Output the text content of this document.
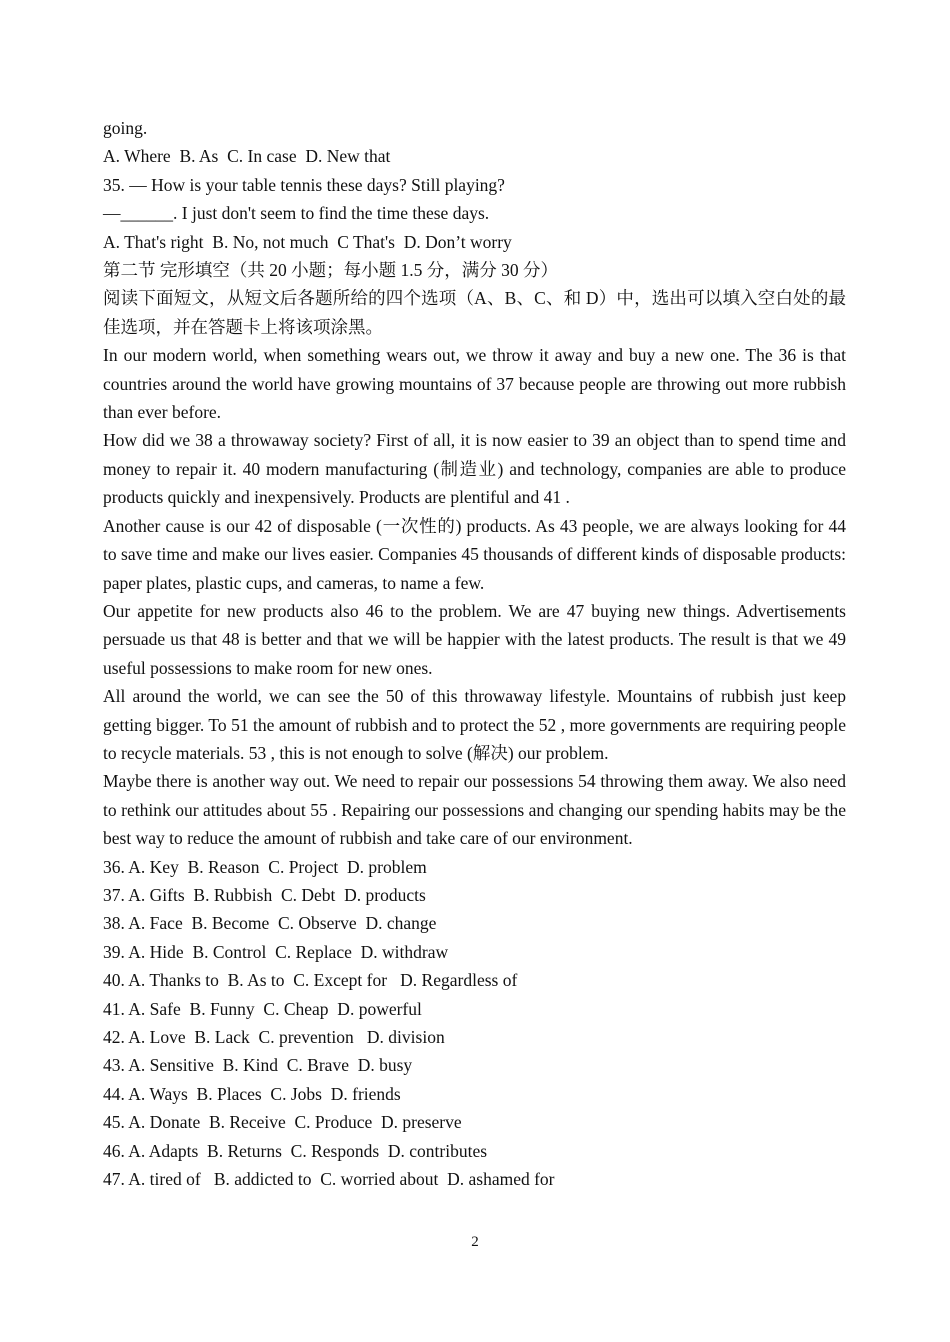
going.

A. Where  B. As  C. In case  D. New that

35. — How is your table tennis these days? Still playing?

—______. I just don't seem to find the time these days.

A. That's right  B. No, not much  C That's  D. Don’t worry

第二节 完形填空（共 20 小题；每小题 1.5 分，满分 30 分）

阅读下面短文，从短文后各题所给的四个选项（A、B、C、和 D）中，选出可以填入空白处的最佳选项，并在答题卡上将该项涂黑。

In our modern world, when something wears out, we throw it away and buy a new one. The 36 is that countries around the world have growing mountains of 37 because people are throwing out more rubbish than ever before.

How did we 38 a throwaway society? First of all, it is now easier to 39 an object than to spend time and money to repair it. 40 modern manufacturing (制造业) and technology, companies are able to produce products quickly and inexpensively. Products are plentiful and 41 .

Another cause is our 42 of disposable (一次性的) products. As 43 people, we are always looking for 44 to save time and make our lives easier. Companies 45 thousands of different kinds of disposable products: paper plates, plastic cups, and cameras, to name a few.

Our appetite for new products also 46 to the problem. We are 47 buying new things. Advertisements persuade us that 48 is better and that we will be happier with the latest products. The result is that we 49 useful possessions to make room for new ones.

All around the world, we can see the 50 of this throwaway lifestyle. Mountains of rubbish just keep getting bigger. To 51 the amount of rubbish and to protect the 52 , more governments are requiring people to recycle materials. 53 , this is not enough to solve (解决) our problem.

Maybe there is another way out. We need to repair our possessions 54 throwing them away. We also need to rethink our attitudes about 55 . Repairing our possessions and changing our spending habits may be the best way to reduce the amount of rubbish and take care of our environment.

36. A. Key  B. Reason  C. Project  D. problem

37. A. Gifts  B. Rubbish  C. Debt  D. products

38. A. Face  B. Become  C. Observe  D. change

39. A. Hide  B. Control  C. Replace  D. withdraw

40. A. Thanks to  B. As to  C. Except for   D. Regardless of

41. A. Safe  B. Funny  C. Cheap  D. powerful

42. A. Love  B. Lack  C. prevention   D. division

43. A. Sensitive  B. Kind  C. Brave  D. busy

44. A. Ways  B. Places  C. Jobs  D. friends

45. A. Donate  B. Receive  C. Produce  D. preserve

46. A. Adapts  B. Returns  C. Responds  D. contributes

47. A. tired of   B. addicted to  C. worried about  D. ashamed for

2
